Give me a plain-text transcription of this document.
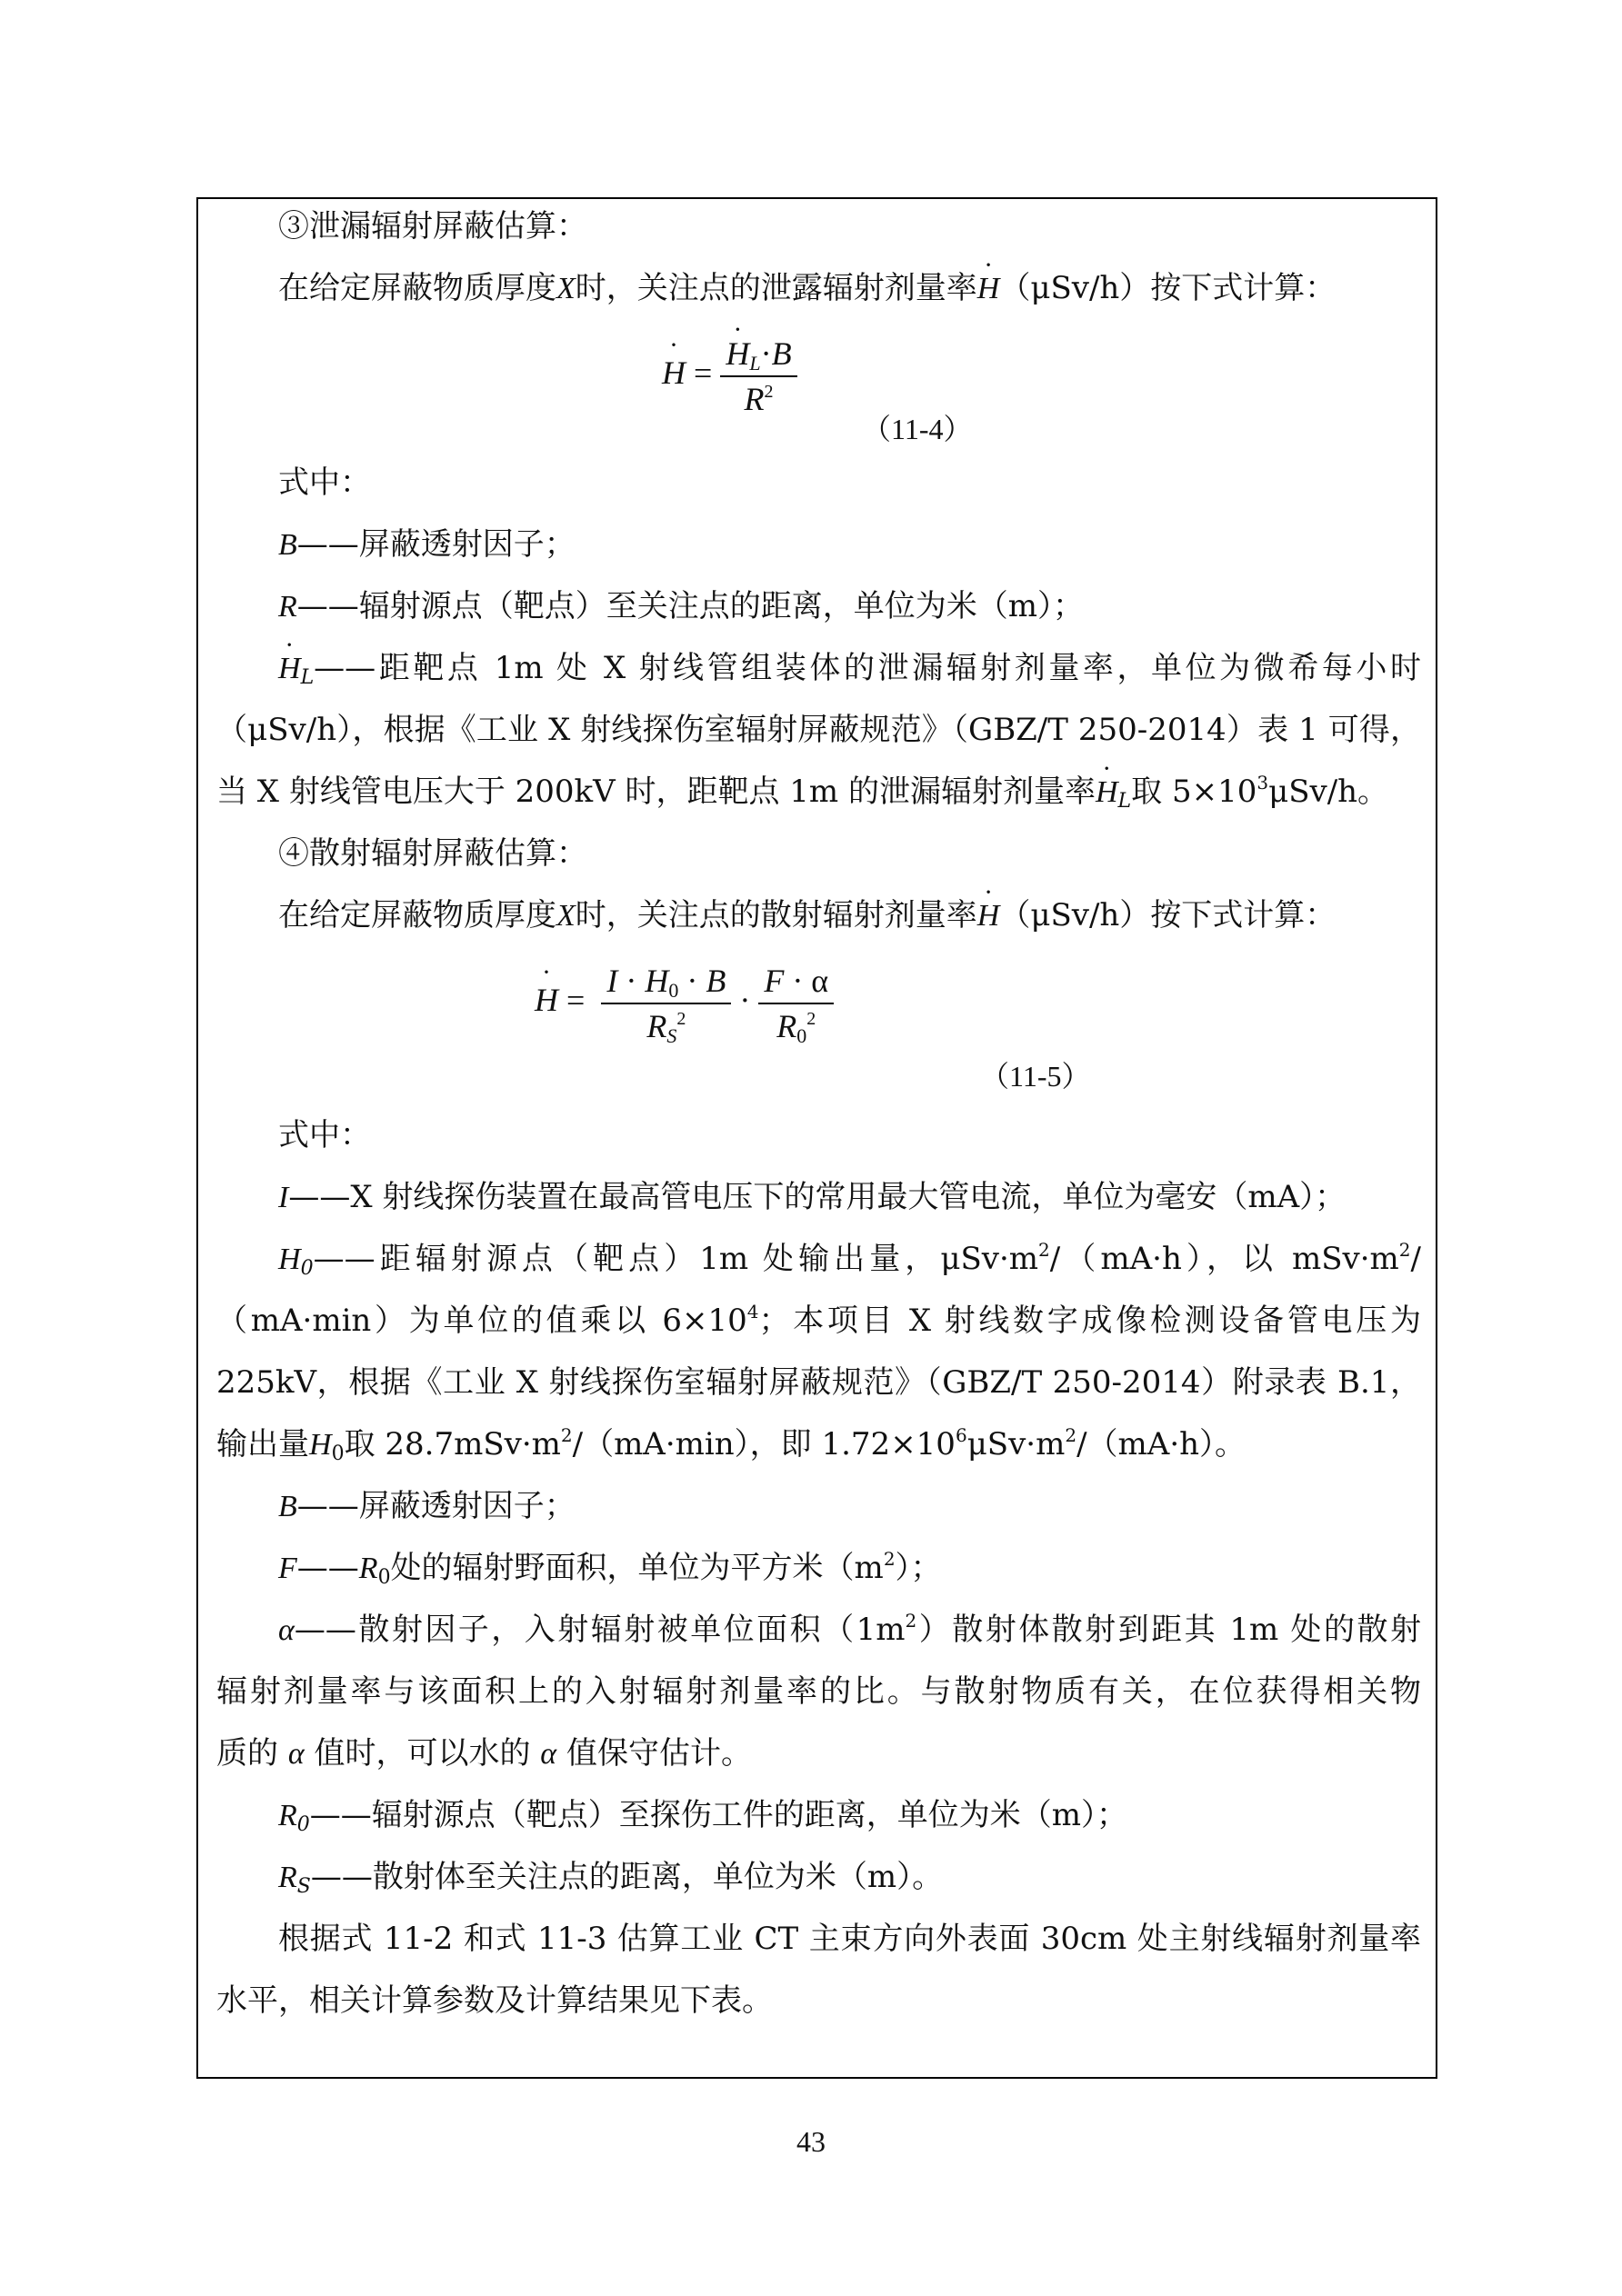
③泄漏辐射屏蔽估算：
在给定屏蔽物质厚度X时，关注点的泄露辐射剂量率· H（μSv/h）按下式计算：
· H =
· $\frac{H_L\cdot B}{R^2}$
（11-4）
式中：
B——屏蔽透射因子；
R——辐射源点（靶点）至关注点的距离，单位为米（m）；
· $H_L——$距靶点 1m 处 X 射线管组装体的泄漏辐射剂量率，单位为微希每小时
（μSv/h），根据《工业 X 射线探伤室辐射屏蔽规范》（GBZ/T 250-2014）表 1 可得，
当 X 射线管电压大于 200kV 时，距靶点 1m 的泄漏辐射剂量率· $H_L$取 $5\times 10^3\mu Sv/h$。
④散射辐射屏蔽估算：
在给定屏蔽物质厚度X时，关注点的散射辐射剂量率· H（μSv/h）按下式计算：
· $H = \frac{I \cdot H_0 \cdot B}{R_S^2} \cdot \frac{F \cdot \alpha}{R_0^2}$
（11-5）
式中：
I——X 射线探伤装置在最高管电压下的常用最大管电流，单位为毫安（mA）；
$H_0——$距辐射源点（靶点）1m 处输出量，$\mu Sv\cdot m^2/(mA\cdot h)$，以 $mSv\cdot m^2/$
（mA·min）为单位的值乘以 $6\times 10^4$；本项目 X 射线数字成像检测设备管电压为
225kV，根据《工业 X 射线探伤室辐射屏蔽规范》（GBZ/T 250-2014）附录表 B.1，
输出量$H_0$取 $28.7mSv\cdot m^2/(mA\cdot\min)$，即 $1.72\times 10^6\mu Sv\cdot m^2/(mA\cdot h)$。
B——屏蔽透射因子；
$F——R_0$处的辐射野面积，单位为平方米$(m^2)$；
α——散射因子，入射辐射被单位面积$(1m^2)$散射体散射到距其 1m 处的散射
辐射剂量率与该面积上的入射辐射剂量率的比。与散射物质有关，在位获得相关物
质的 α 值时，可以水的 α 值保守估计。
$R_0——$辐射源点（靶点）至探伤工件的距离，单位为米（m）；
$R_S——$散射体至关注点的距离，单位为米（m）。
根据式 11-2 和式 11-3 估算工业 CT 主束方向外表面 30cm 处主射线辐射剂量率
水平，相关计算参数及计算结果见下表。
43
